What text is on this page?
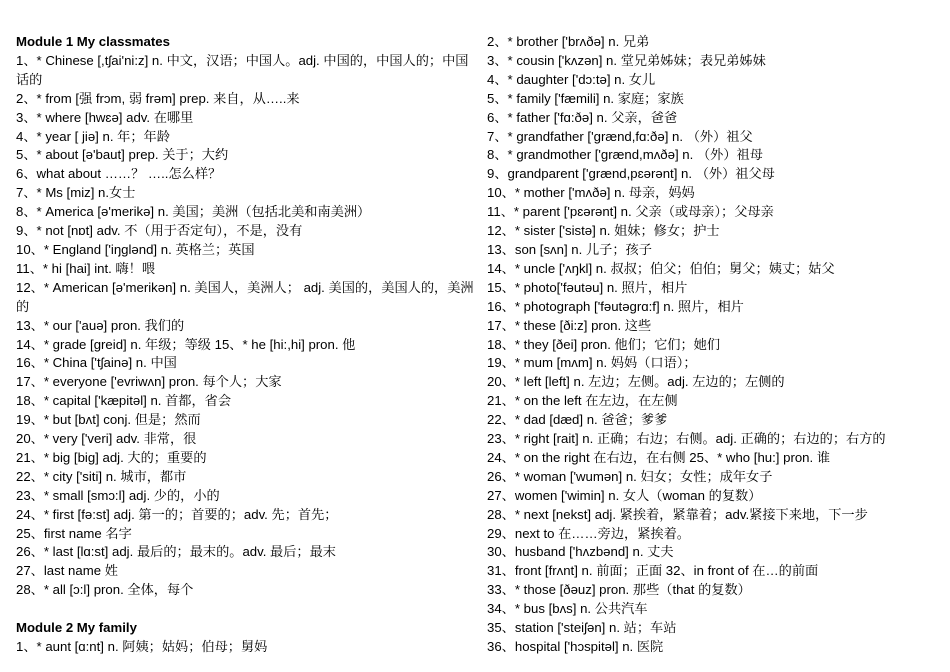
Module 1 My classmates
1、* Chinese [,tʃai'ni:z] n. 中文，汉语；中国人。adj. 中国的，中国人的；中国话的
2、* from [强 frɔm, 弱 frəm] prep. 来自，从…..来
3、* where [hwɛə] adv. 在哪里
4、* year [ jiə] n. 年；年龄
5、* about [ə'baut] prep. 关于；大约
6、what about ……？ …..怎么样？
7、* Ms [miz] n.女士
8、* America [ə'merikə] n. 美国；美洲（包括北美和南美洲）
9、* not [nɒt] adv. 不（用于否定句），不是，没有
10、* England ['iŋglənd] n. 英格兰；英国
11、* hi [hai] int. 嗨！喂
12、* American [ə'merikən] n. 美国人，美洲人； adj. 美国的，美国人的，美洲的
13、* our ['auə] pron. 我们的
14、* grade [greid] n. 年级；等级 15、* he [hi:,hi] pron. 他
16、* China ['tʃainə] n. 中国
17、* everyone ['evriwʌn] pron. 每个人；大家
18、* capital ['kæpitəl] n. 首都，省会
19、* but [bʌt] conj. 但是；然而
20、* very ['veri] adv. 非常，很
21、* big [big] adj. 大的；重要的
22、* city ['siti] n. 城市，都市
23、* small [smɔ:l] adj. 少的，小的
24、* first [fə:st] adj. 第一的；首要的；adv. 先；首先；
25、first name 名字
26、* last [lɑ:st] adj. 最后的；最末的。adv. 最后；最末
27、last name 姓
28、* all [ɔ:l] pron. 全体，每个
Module 2 My family
1、* aunt [ɑ:nt] n. 阿姨；姑妈；伯母；舅妈
2、* brother ['brʌðə] n. 兄弟
3、* cousin ['kʌzən] n. 堂兄弟姊妹；表兄弟姊妹
4、* daughter ['dɔ:tə] n. 女儿
5、* family ['fæmili] n. 家庭；家族
6、* father ['fɑ:ðə] n. 父亲，爸爸
7、* grandfather ['grænd,fɑ:ðə] n. （外）祖父
8、* grandmother ['grænd,mʌðə] n. （外）祖母
9、grandparent ['grænd,pɛərənt] n. （外）祖父母
10、* mother ['mʌðə] n. 母亲，妈妈
11、* parent ['pɛərənt] n. 父亲（或母亲）；父母亲
12、* sister ['sistə] n. 姐妹；修女；护士
13、son [sʌn] n. 儿子；孩子
14、* uncle ['ʌŋkl] n. 叔叔；伯父；伯伯；舅父；姨丈；姑父
15、* photo['fəutəu] n. 照片，相片
16、* photograph ['fəutəgrɑ:f] n. 照片，相片
17、* these [ði:z] pron. 这些
18、* they [ðei] pron. 他们；它们；她们
19、* mum [mʌm] n. 妈妈（口语）；
20、* left [left] n. 左边；左侧。adj. 左边的；左侧的
21、* on the left 在左边，在左侧
22、* dad [dæd] n. 爸爸；爹爹
23、* right [rait] n. 正确；右边；右侧。adj. 正确的；右边的；右方的
24、* on the right 在右边，在右侧 25、* who [hu:] pron. 谁
26、* woman ['wumən] n. 妇女；女性；成年女子
27、women ['wimin] n. 女人（woman 的复数）
28、* next [nekst] adj. 紧挨着，紧靠着；adv.紧接下来地，下一步
29、next to 在……旁边，紧挨着。
30、husband ['hʌzbənd] n. 丈夫
31、front [frʌnt] n. 前面；正面 32、in front of 在…的前面
33、* those [ðəuz] pron. 那些（that 的复数）
34、* bus [bʌs] n. 公共汽车
35、station ['steiʃən] n. 站；车站
36、hospital ['hɔspitəl] n. 医院
